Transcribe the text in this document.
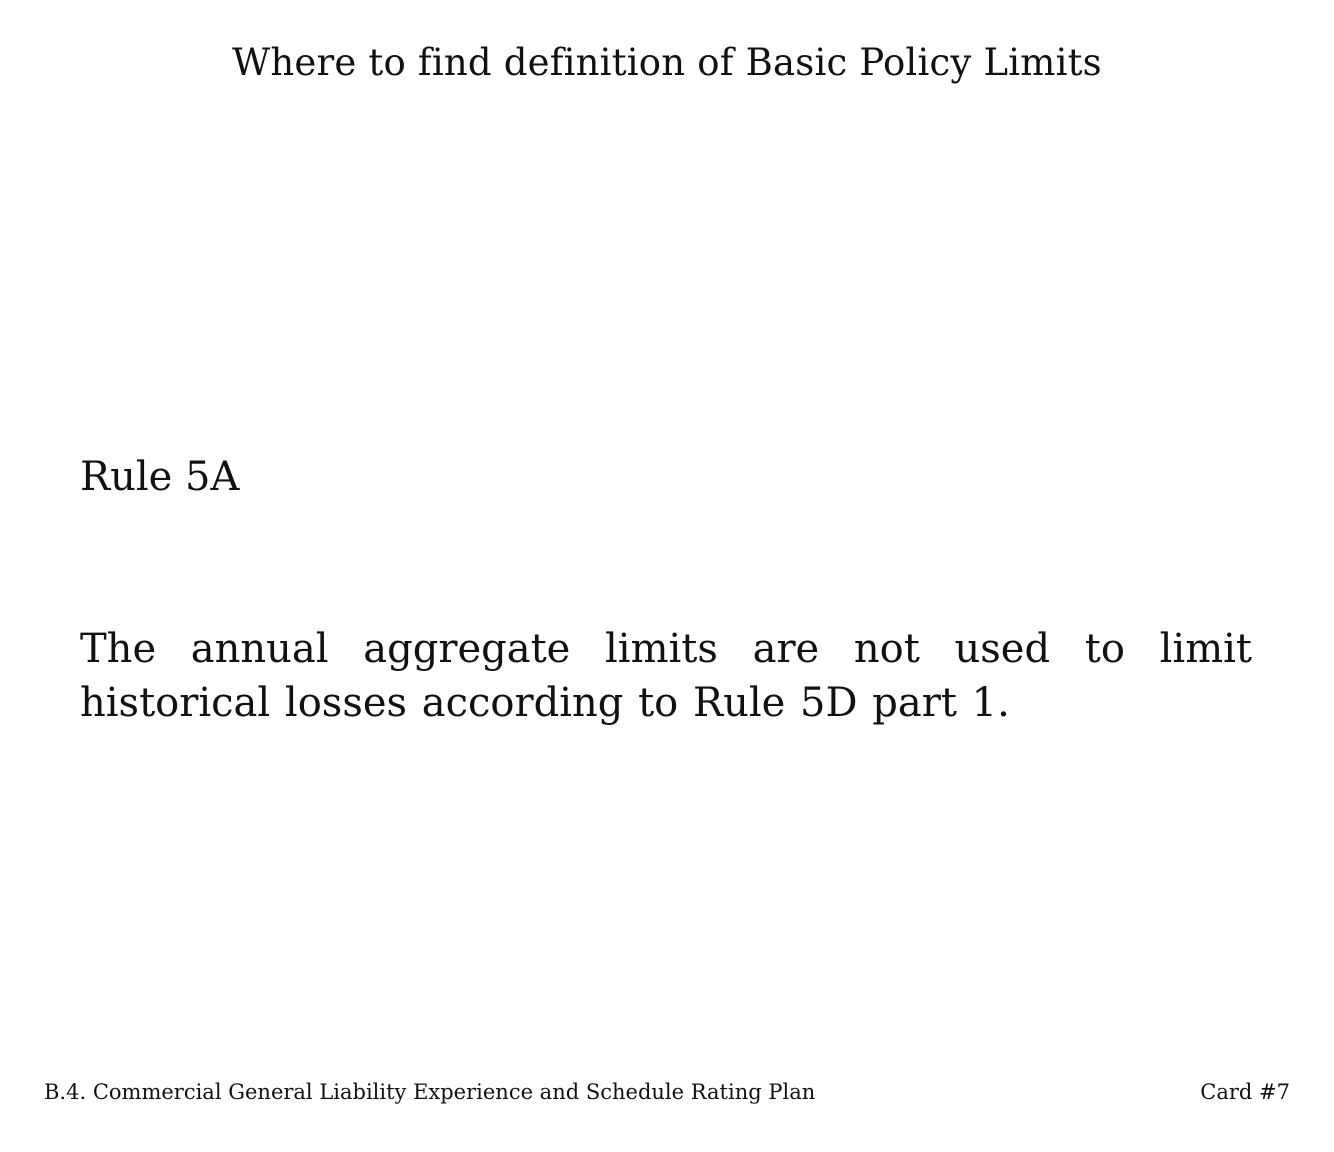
Where to find definition of Basic Policy Limits
Rule 5A
The annual aggregate limits are not used to limit historical losses according to Rule 5D part 1.
B.4. Commercial General Liability Experience and Schedule Rating Plan	Card #7
